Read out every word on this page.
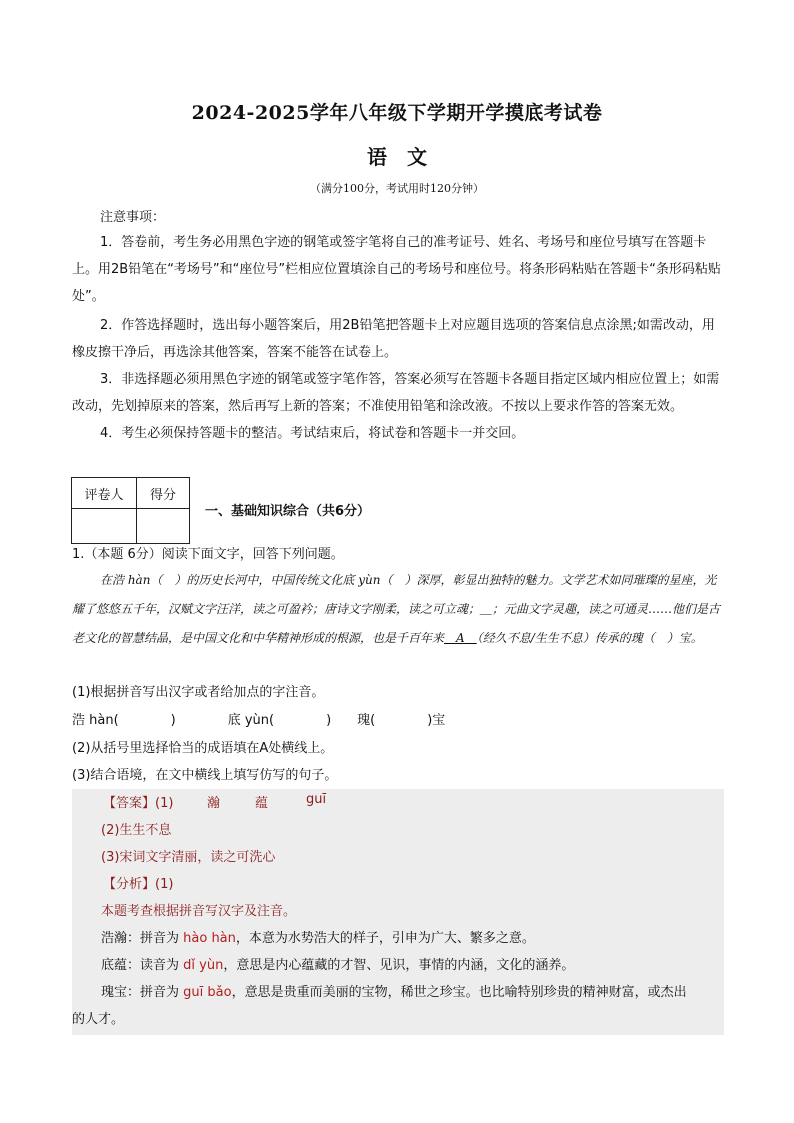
2024-2025学年八年级下学期开学摸底考试卷
语　文
（满分100分，考试用时120分钟）
注意事项：
1．答卷前，考生务必用黑色字迹的钢笔或签字笔将自己的准考证号、姓名、考场号和座位号填写在答题卡上。用2B铅笔在“考场号”和“座位号”栏相应位置填涂自己的考场号和座位号。将条形码粘贴在答题卡“条形码粘贴处”。
2．作答选择题时，选出每小题答案后，用2B铅笔把答题卡上对应题目选项的答案信息点涂黑;如需改动，用橡皮擦干净后，再选涂其他答案，答案不能答在试卷上。
3．非选择题必须用黑色字迹的钢笔或签字笔作答，答案必须写在答题卡各题目指定区域内相应位置上；如需改动，先划掉原来的答案，然后再写上新的答案；不准使用铅笔和涂改液。不按以上要求作答的答案无效。
4．考生必须保持答题卡的整洁。考试结束后，将试卷和答题卡一并交回。
评卷人	得分

一、基础知识综合（共6分）
1.（本题 6分）阅读下面文字，回答下列问题。
在浩 hàn（　）的历史长河中，中国传统文化底 yùn（　）深厚，彰显出独特的魅力。文学艺术如同璀璨的星座，光耀了悠悠五千年，汉赋文字汪洋，读之可盈衿；唐诗文字刚柔，读之可立魂；＿；元曲文字灵趣，读之可通灵……他们是古老文化的智慧结晶，是中国文化和中华精神形成的根源，也是千百年来　A　（经久不息/生生不息）传承的瑰（　）宝。
(1)根据拼音写出汉字或者给加点的字注音。
浩 hàn(　　　　)　　　　底 yùn(　　　　)　　瑰(　　　　)宝
(2)从括号里选择恰当的成语填在A处横线上。
(3)结合语境，在文中横线上填写仿写的句子。
【答案】(1)	瀚	蕴	guī
(2)生生不息
(3)宋词文字清丽，读之可洗心
【分析】(1)
本题考查根据拼音写汉字及注音。
浩瀚：拼音为 hào hàn，本意为水势浩大的样子，引申为广大、繁多之意。
底蕴：读音为 dǐ yùn，意思是内心蕴藏的才智、见识，事情的内涵，文化的涵养。
瑰宝：拼音为 guī bǎo，意思是贵重而美丽的宝物，稀世之珍宝。也比喻特别珍贵的精神财富，或杰出
的人才。
